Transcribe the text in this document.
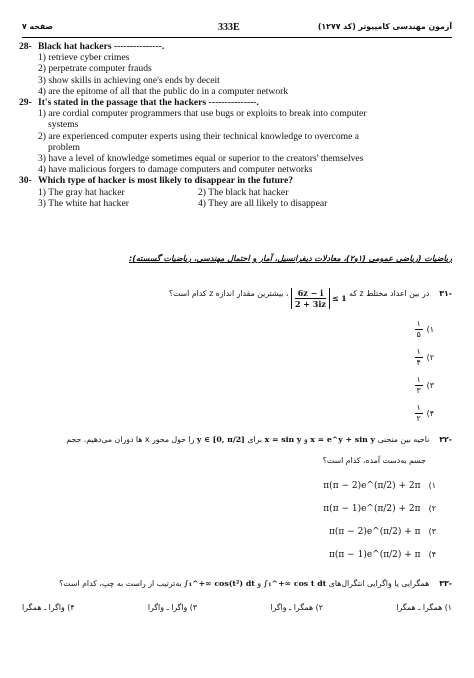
صفحه ۷	333E	آزمون مهندسی کامپیوتر (کد ۱۲۷۷)
28- Black hat hackers ---------------.
1) retrieve cyber crimes
2) perpetrate computer frauds
3) show skills in achieving one's ends by deceit
4) are the epitome of all that the public do in a computer network
29- It's stated in the passage that the hackers ---------------.
1) are cordial computer programmers that use bugs or exploits to break into computer
systems
2) are experienced computer experts using their technical knowledge to overcome a
problem
3) have a level of knowledge sometimes equal or superior to the creators' themselves
4) have malicious forgers to damage computers and computer networks
30- Which type of hacker is most likely to disappear in the future?
1) The gray hat hacker	2) The black hat hacker
3) The white hat hacker	4) They are all likely to disappear
ریاضیات (ریاضی عمومی (۱و۲)، معادلات دیفرانسیل، آمار و احتمال مهندسی، ریاضیات گسسته):
-۳۱    در بین اعداد مختلط z که
6z − i
2 + 3iz
≤ 1
، بیشترین مقدار اندازه z کدام است؟
۱)
$\frac{۱}{۵}$
۲)
$\frac{۱}{۴}$
۳)
$\frac{۱}{۳}$
۴)
$\frac{۱}{۲}$
-۳۲    ناحیه بین منحنی x = e^y + sin y و x = sin y برای y ∈ [0, π/2] را حول محور x ها دوران می‌دهیم. حجم
جسم به‌دست آمده، کدام است؟
π(π − 2)e^(π/2) + 2π ۱)
π(π − 1)e^(π/2) + 2π ۲)
π(π − 2)e^(π/2) + π ۳)
π(π − 1)e^(π/2) + π ۴)
-۳۳    همگرایی یا واگرایی انتگرال‌های ∫₁^+∞ cos t dt و ∫₁^+∞ cos(t²) dt به‌ترتیب از راست به چپ، کدام است؟
۱) همگرا ـ همگرا
۲) همگرا ـ واگرا
۳) واگرا ـ واگرا
۴) واگرا ـ همگرا
